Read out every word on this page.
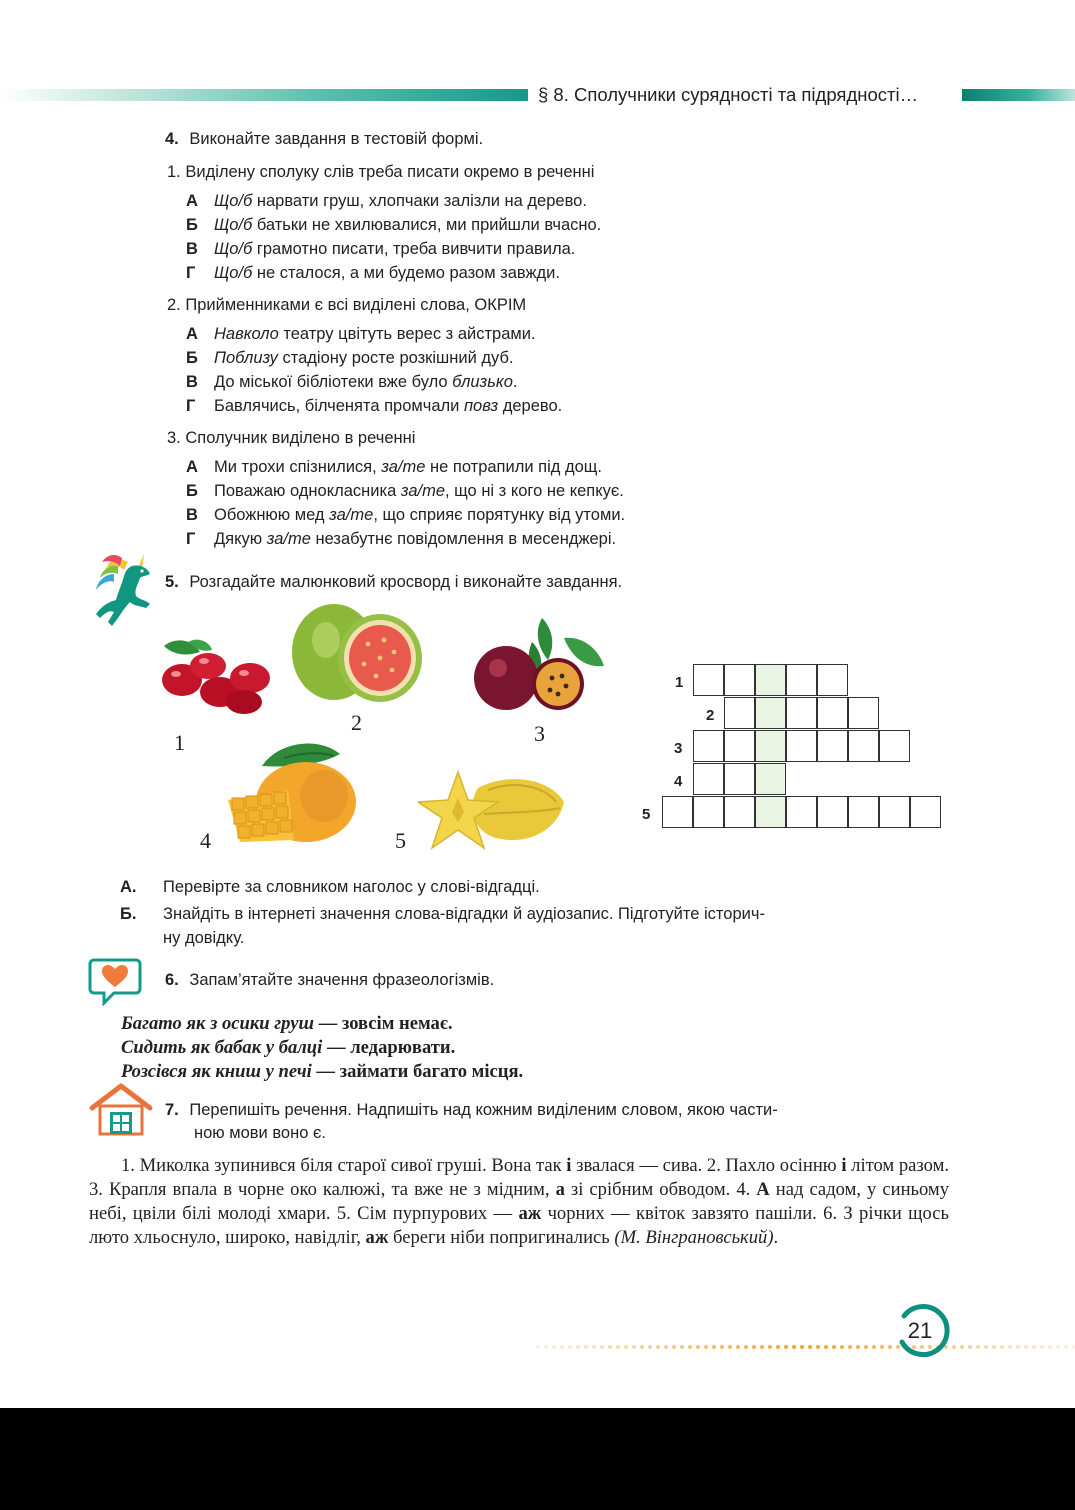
§ 8. Сполучники сурядності та підрядності…
4. Виконайте завдання в тестовій формі.
1. Виділену сполуку слів треба писати окремо в реченні
А Що/б нарвати груш, хлопчаки залізли на дерево.
Б Що/б батьки не хвилювалися, ми прийшли вчасно.
В Що/б грамотно писати, треба вивчити правила.
Г Що/б не сталося, а ми будемо разом завжди.
2. Прийменниками є всі виділені слова, ОКРІМ
А Навколо театру цвітуть верес з айстрами.
Б Поблизу стадіону росте розкішний дуб.
В До міської бібліотеки вже було близько.
Г Бавлячись, білченята промчали повз дерево.
3. Сполучник виділено в реченні
А Ми трохи спізнилися, за/те не потрапили під дощ.
Б Поважаю однокласника за/те, що ні з кого не кепкує.
В Обожнюю мед за/те, що сприяє порятунку від утоми.
Г Дякую за/те незабутнє повідомлення в месенджері.
5. Розгадайте малюнковий кросворд і виконайте завдання.
1
2	3
4	5
1
2
3
4
5
А. Перевірте за словником наголос у слові-відгадці.
Б. Знайдіть в інтернеті значення слова-відгадки й аудіозапис. Підготуйте історич-
ну довідку.
6. Запам’ятайте значення фразеологізмів.
Багато як з осики груш — зовсім немає.
Сидить як бабак у балці — ледарювати.
Розсівся як книш у печі — займати багато місця.
7. Перепишіть речення. Надпишіть над кожним виділеним словом, якою части-
ною мови воно є.
1. Миколка зупинився біля старої сивої груші. Вона так і звалася — сива. 2. Пахло осінню і літом разом. 3. Крапля впала в чорне око калюжі, та вже не з мідним, а зі срібним обводом. 4. А над садом, у синьому небі, цвіли білі молоді хмари. 5. Сім пурпурових — аж чорних — квіток завзято пашіли. 6. З річки щось люто хльоснуло, широко, навідліг, аж береги ніби попригинались (М. Вінграновський).
21
